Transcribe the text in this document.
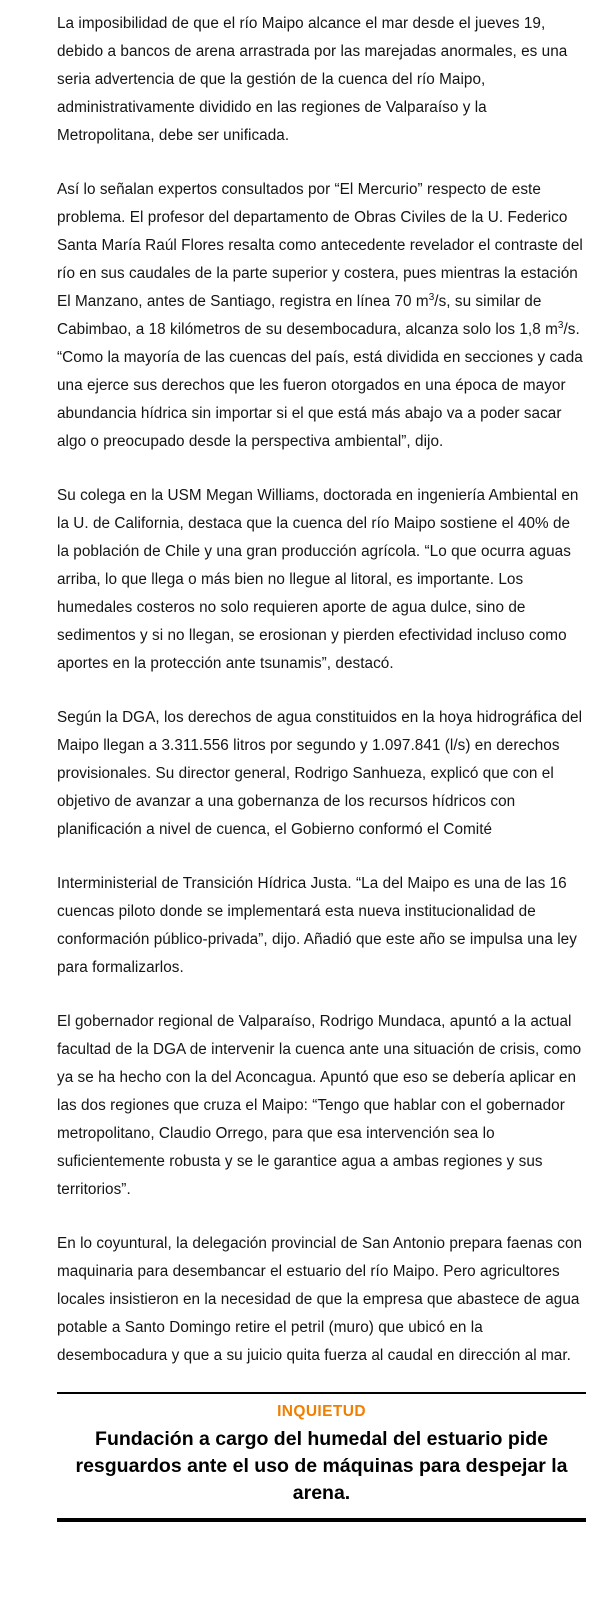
La imposibilidad de que el río Maipo alcance el mar desde el jueves 19, debido a bancos de arena arrastrada por las marejadas anormales, es una seria advertencia de que la gestión de la cuenca del río Maipo, administrativamente dividido en las regiones de Valparaíso y la Metropolitana, debe ser unificada.

Así lo señalan expertos consultados por “El Mercurio” respecto de este problema. El profesor del departamento de Obras Civiles de la U. Federico Santa María Raúl Flores resalta como antecedente revelador el contraste del río en sus caudales de la parte superior y costera, pues mientras la estación El Manzano, antes de Santiago, registra en línea 70 $m^3/s$, su similar de Cabimbao, a 18 kilómetros de su desembocadura, alcanza solo los 1,8 $m^3/s$. “Como la mayoría de las cuencas del país, está dividida en secciones y cada una ejerce sus derechos que les fueron otorgados en una época de mayor abundancia hídrica sin importar si el que está más abajo va a poder sacar algo o preocupado desde la perspectiva ambiental”, dijo.

Su colega en la USM Megan Williams, doctorada en ingeniería Ambiental en la U. de California, destaca que la cuenca del río Maipo sostiene el 40% de la población de Chile y una gran producción agrícola. “Lo que ocurra aguas arriba, lo que llega o más bien no llegue al litoral, es importante. Los humedales costeros no solo requieren aporte de agua dulce, sino de sedimentos y si no llegan, se erosionan y pierden efectividad incluso como aportes en la protección ante tsunamis”, destacó.

Según la DGA, los derechos de agua constituidos en la hoya hidrográfica del Maipo llegan a 3.311.556 litros por segundo y 1.097.841 (l/s) en derechos provisionales. Su director general, Rodrigo Sanhueza, explicó que con el objetivo de avanzar a una gobernanza de los recursos hídricos con planificación a nivel de cuenca, el Gobierno conformó el Comité

Interministerial de Transición Hídrica Justa. “La del Maipo es una de las 16 cuencas piloto donde se implementará esta nueva institucionalidad de conformación público-privada”, dijo. Añadió que este año se impulsa una ley para formalizarlos.

El gobernador regional de Valparaíso, Rodrigo Mundaca, apuntó a la actual facultad de la DGA de intervenir la cuenca ante una situación de crisis, como ya se ha hecho con la del Aconcagua. Apuntó que eso se debería aplicar en las dos regiones que cruza el Maipo: “Tengo que hablar con el gobernador metropolitano, Claudio Orrego, para que esa intervención sea lo suficientemente robusta y se le garantice agua a ambas regiones y sus territorios”.

En lo coyuntural, la delegación provincial de San Antonio prepara faenas con maquinaria para desembancar el estuario del río Maipo. Pero agricultores locales insistieron en la necesidad de que la empresa que abastece de agua potable a Santo Domingo retire el petril (muro) que ubicó en la desembocadura y que a su juicio quita fuerza al caudal en dirección al mar.

INQUIETUD
Fundación a cargo del humedal del estuario pide resguardos ante el uso de máquinas para despejar la arena.
